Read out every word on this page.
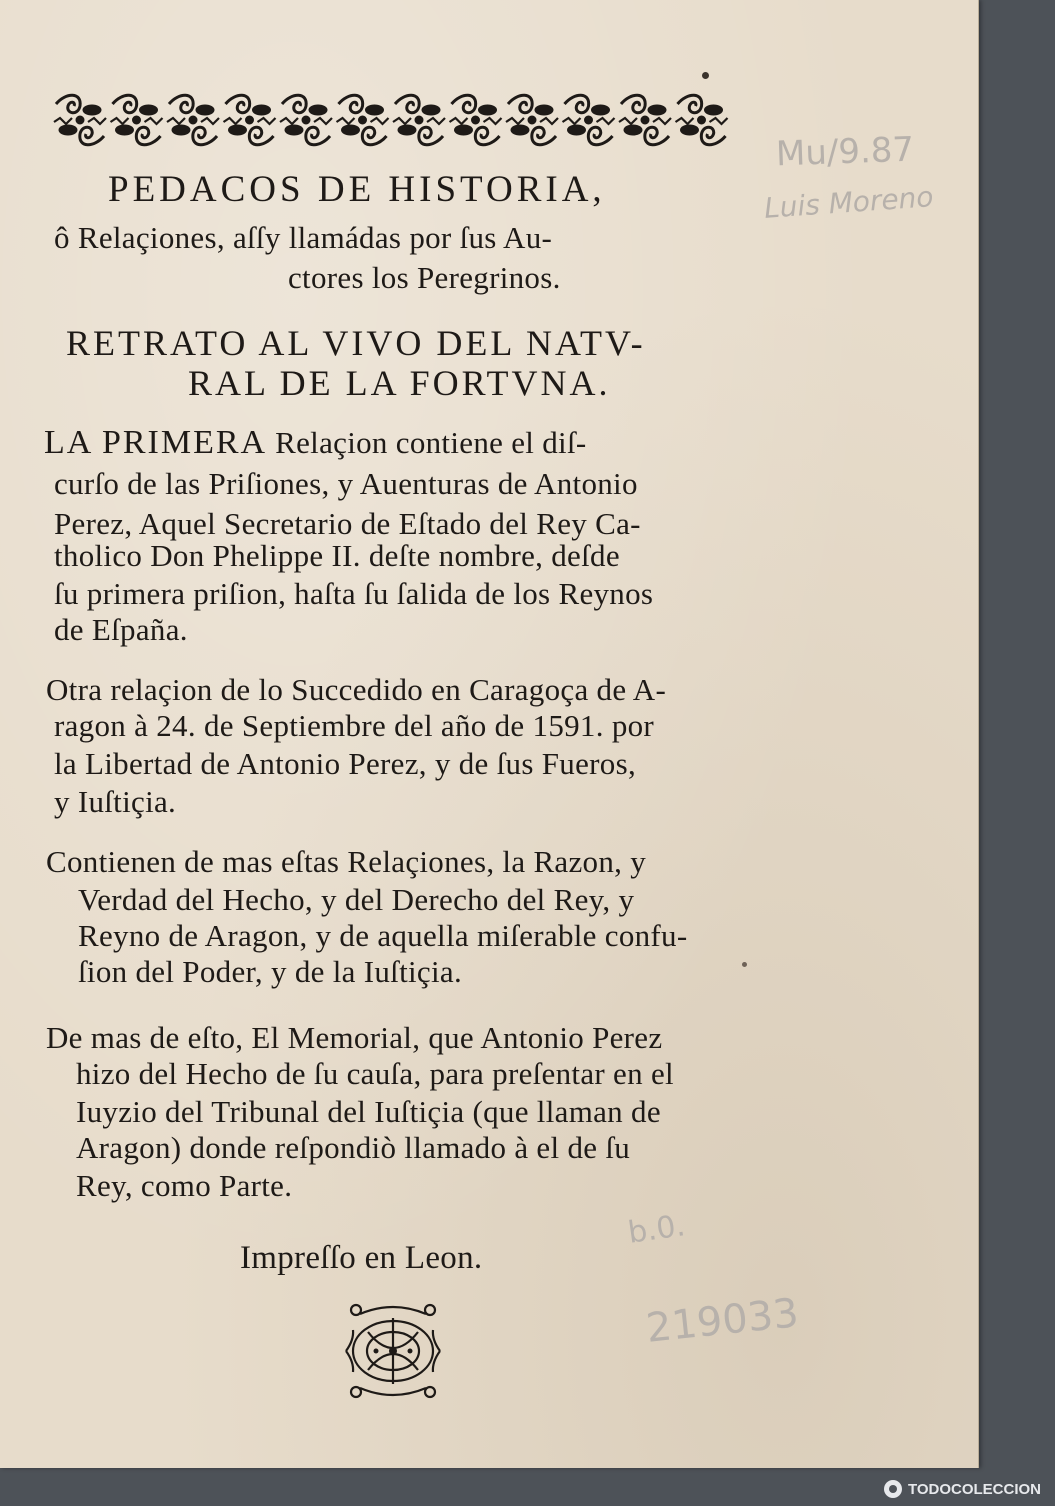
PEDACOS DE HISTORIA,
ô Relaçiones, aſſy llamádas por ſus Au-
ctores los Peregrinos.
RETRATO AL VIVO DEL NATV-
RAL DE LA FORTVNA.
LA PRIMERA Relaçion contiene el diſ-
curſo de las Priſiones, y Auenturas de Antonio
Perez, Aquel Secretario de Eſtado del Rey Ca-
tholico Don Phelippe II. deſte nombre, deſde
ſu primera priſion, haſta ſu ſalida de los Reynos
de Eſpaña.
Otra relaçion de lo Succedido en Caragoça de A-
ragon à 24. de Septiembre del año de 1591. por
la Libertad de Antonio Perez, y de ſus Fueros,
y Iuſtiçia.
Contienen de mas eſtas Relaçiones, la Razon, y
Verdad del Hecho, y del Derecho del Rey, y
Reyno de Aragon, y de aquella miſerable confu-
ſion del Poder, y de la Iuſtiçia.
De mas de eſto, El Memorial, que Antonio Perez
hizo del Hecho de ſu cauſa, para preſentar en el
Iuyzio del Tribunal del Iuſtiçia (que llaman de
Aragon) donde reſpondiò llamado à el de ſu
Rey, como Parte.
Impreſſo en Leon.
Mu/9.87
Luis Moreno
b.0.
219033
TODOCOLECCION
